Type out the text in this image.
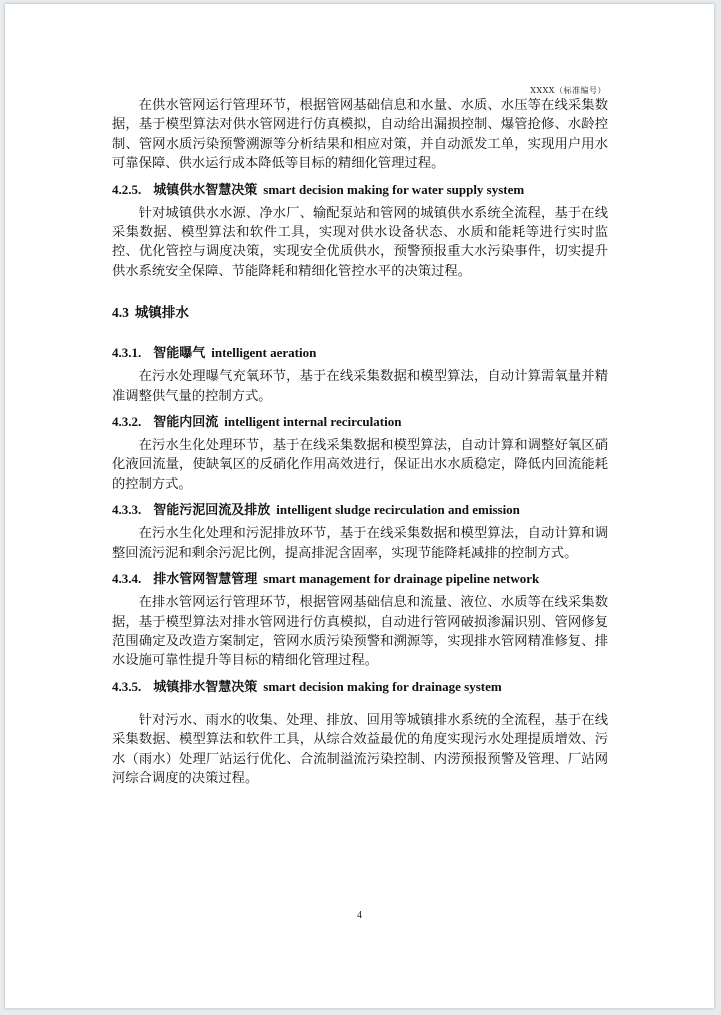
XXXX（标准编号）

在供水管网运行管理环节，根据管网基础信息和水量、水质、水压等在线采集数据，基于模型算法对供水管网进行仿真模拟，自动给出漏损控制、爆管抢修、水龄控制、管网水质污染预警溯源等分析结果和相应对策，并自动派发工单，实现用户用水可靠保障、供水运行成本降低等目标的精细化管理过程。

4.2.5. 城镇供水智慧决策 smart decision making for water supply system

针对城镇供水水源、净水厂、输配泵站和管网的城镇供水系统全流程，基于在线采集数据、模型算法和软件工具，实现对供水设备状态、水质和能耗等进行实时监控、优化管控与调度决策，实现安全优质供水，预警预报重大水污染事件，切实提升供水系统安全保障、节能降耗和精细化管控水平的决策过程。

4.3 城镇排水
4.3.1. 智能曝气 intelligent aeration

在污水处理曝气充氧环节，基于在线采集数据和模型算法，自动计算需氧量并精准调整供气量的控制方式。

4.3.2. 智能内回流 intelligent internal recirculation

在污水生化处理环节，基于在线采集数据和模型算法，自动计算和调整好氧区硝化液回流量，使缺氧区的反硝化作用高效进行，保证出水水质稳定，降低内回流能耗的控制方式。

4.3.3. 智能污泥回流及排放 intelligent sludge recirculation and emission

在污水生化处理和污泥排放环节，基于在线采集数据和模型算法，自动计算和调整回流污泥和剩余污泥比例，提高排泥含固率，实现节能降耗减排的控制方式。

4.3.4. 排水管网智慧管理 smart management for drainage pipeline network

在排水管网运行管理环节，根据管网基础信息和流量、液位、水质等在线采集数据，基于模型算法对排水管网进行仿真模拟，自动进行管网破损渗漏识别、管网修复范围确定及改造方案制定，管网水质污染预警和溯源等，实现排水管网精准修复、排水设施可靠性提升等目标的精细化管理过程。

4.3.5. 城镇排水智慧决策 smart decision making for drainage system

针对污水、雨水的收集、处理、排放、回用等城镇排水系统的全流程，基于在线采集数据、模型算法和软件工具，从综合效益最优的角度实现污水处理提质增效、污水（雨水）处理厂站运行优化、合流制溢流污染控制、内涝预报预警及管理、厂站网河综合调度的决策过程。

4
